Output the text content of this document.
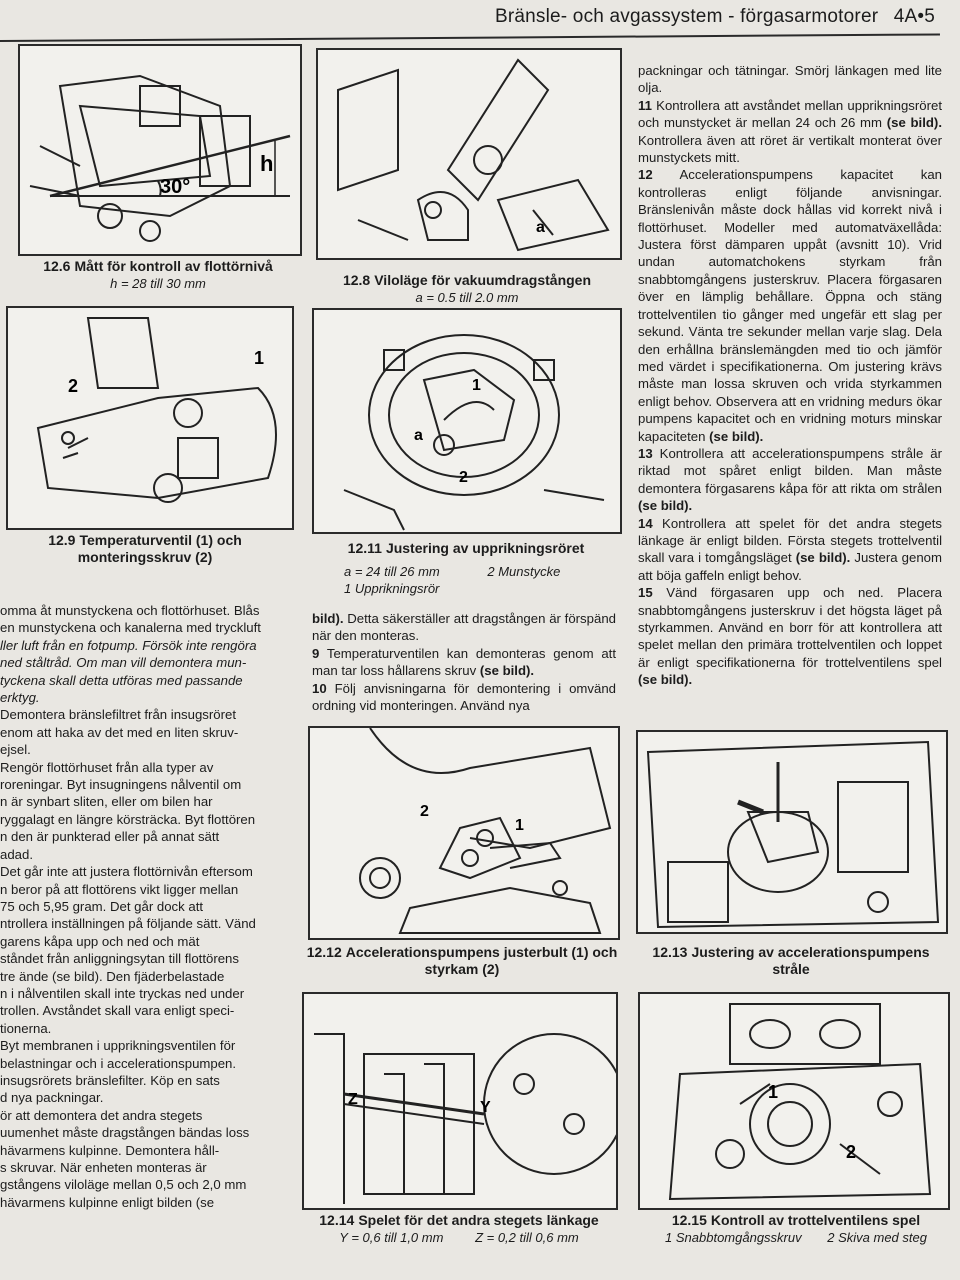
Bränsle- och avgassystem - förgasarmotorer 4A•5
h
30°
12.6 Mått för kontroll av flottörnivå
h = 28 till 30 mm
a
12.8 Viloläge för vakuumdragstången
a = 0.5 till 2.0 mm
1
2
12.9 Temperaturventil (1) och monteringsskruv (2)
1
a
2
12.11 Justering av upprikningsröret
a = 24 till 26 mm	2 Munstycke
1 Upprikningsrör
omma åt munstyckena och flottörhuset. Blås
en munstyckena och kanalerna med tryckluft
ller luft från en fotpump. Försök inte rengöra
ned ståltråd. Om man vill demontera mun-
tyckena skall detta utföras med passande
erktyg.
Demontera bränslefiltret från insugsröret
enom att haka av det med en liten skruv-
ejsel.
Rengör flottörhuset från alla typer av
roreningar. Byt insugningens nålventil om
n är synbart sliten, eller om bilen har
ryggalagt en längre körsträcka. Byt flottören
n den är punkterad eller på annat sätt
adad.
Det går inte att justera flottörnivån eftersom
n beror på att flottörens vikt ligger mellan
75 och 5,95 gram. Det går dock att
ntrollera inställningen på följande sätt. Vänd
garens kåpa upp och ned och mät
ståndet från anliggningsytan till flottörens
tre ände (se bild). Den fjäderbelastade
n i nålventilen skall inte tryckas ned under
trollen. Avståndet skall vara enligt speci-
tionerna.
Byt membranen i upprikningsventilen för
belastningar och i accelerationspumpen.
insugsrörets bränslefilter. Köp en sats
d nya packningar.
ör att demontera det andra stegets
uumenhet måste dragstången bändas loss
hävarmens kulpinne. Demontera håll-
s skruvar. När enheten monteras är
gstångens viloläge mellan 0,5 och 2,0 mm
hävarmens kulpinne enligt bilden (se

bild). Detta säkerställer att dragstången är förspänd när den monteras.

9 Temperaturventilen kan demonteras genom att man tar loss hållarens skruv (se bild).

10 Följ anvisningarna för demontering i omvänd ordning vid monteringen. Använd nya

packningar och tätningar. Smörj länkagen med lite olja.

11 Kontrollera att avståndet mellan upprikningsröret och munstycket är mellan 24 och 26 mm (se bild). Kontrollera även att röret är vertikalt monterat över munstyckets mitt.

12 Accelerationspumpens kapacitet kan kontrolleras enligt följande anvisningar. Bränslenivån måste dock hållas vid korrekt nivå i flottörhuset. Modeller med automatväxellåda: Justera först dämparen uppåt (avsnitt 10). Vrid undan automatchokens styrkam från snabbtomgångens justerskruv. Placera förgasaren över en lämplig behållare. Öppna och stäng trottelventilen tio gånger med ungefär ett slag per sekund. Vänta tre sekunder mellan varje slag. Dela den erhållna bränslemängden med tio och jämför med värdet i specifikationerna. Om justering krävs måste man lossa skruven och vrida styrkammen enligt behov. Observera att en vridning medurs ökar pumpens kapacitet och en vridning moturs minskar kapaciteten (se bild).

13 Kontrollera att accelerationspumpens stråle är riktad mot spåret enligt bilden. Man måste demontera förgasarens kåpa för att rikta om strålen (se bild).

14 Kontrollera att spelet för det andra stegets länkage är enligt bilden. Första stegets trottelventil skall vara i tomgångsläget (se bild). Justera genom att böja gaffeln enligt behov.

15 Vänd förgasaren upp och ned. Placera snabbtomgångens justerskruv i det högsta läget på styrkammen. Använd en borr för att kontrollera att spelet mellan den primära trottelventilen och loppet är enligt specifikationerna för trottelventilens spel (se bild).

2
1
12.12 Accelerationspumpens justerbult (1) och styrkam (2)
12.13 Justering av accelerationspumpens stråle
Z	Y
12.14 Spelet för det andra stegets länkage
Y = 0,6 till 1,0 mm Z = 0,2 till 0,6 mm
1
2
12.15 Kontroll av trottelventilens spel
1 Snabbtomgångsskruv 2 Skiva med steg
